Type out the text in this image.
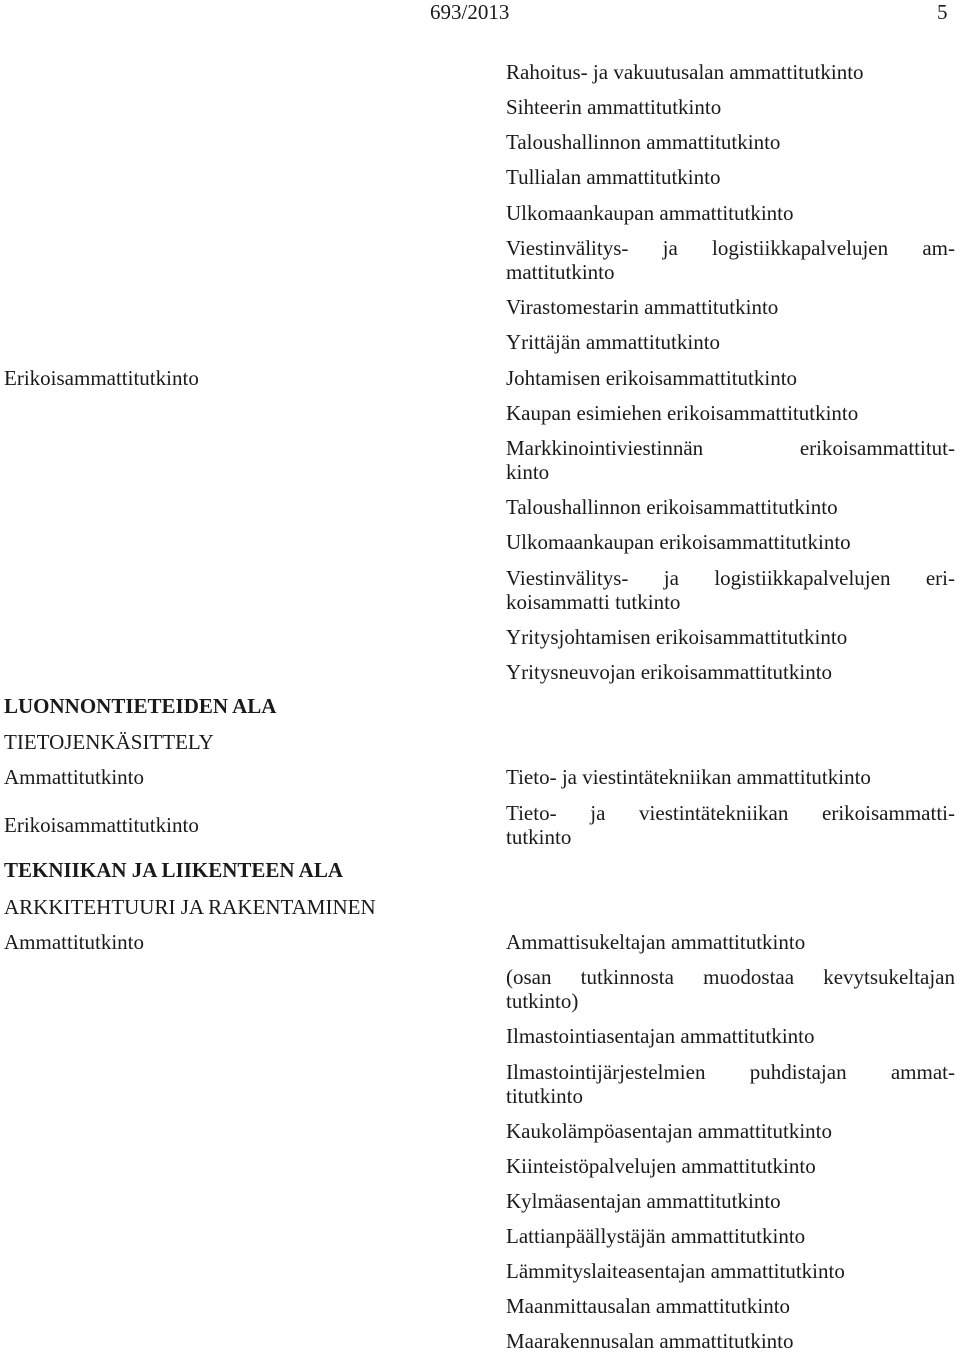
693/2013	5
Erikoisammattitutkinto
LUONNONTIETEIDEN ALA
TIETOJENKÄSITTELY
Ammattitutkinto
Erikoisammattitutkinto
TEKNIIKAN JA LIIKENTEEN ALA
ARKKITEHTUURI JA RAKENTAMINEN
Ammattitutkinto
Rahoitus- ja vakuutusalan ammattitutkinto
Sihteerin ammattitutkinto
Taloushallinnon ammattitutkinto
Tullialan ammattitutkinto
Ulkomaankaupan ammattitutkinto
Viestinvälitys- ja logistiikkapalvelujen am-
mattitutkinto
Virastomestarin ammattitutkinto
Yrittäjän ammattitutkinto
Johtamisen erikoisammattitutkinto
Kaupan esimiehen erikoisammattitutkinto
Markkinointiviestinnän erikoisammattitut-
kinto
Taloushallinnon erikoisammattitutkinto
Ulkomaankaupan erikoisammattitutkinto
Viestinvälitys- ja logistiikkapalvelujen eri-
koisammatti tutkinto
Yritysjohtamisen erikoisammattitutkinto
Yritysneuvojan erikoisammattitutkinto
Tieto- ja viestintätekniikan ammattitutkinto
Tieto- ja viestintätekniikan erikoisammatti-
tutkinto
Ammattisukeltajan ammattitutkinto
(osan tutkinnosta muodostaa kevytsukeltajan
tutkinto)
Ilmastointiasentajan ammattitutkinto
Ilmastointijärjestelmien puhdistajan ammat-
titutkinto
Kaukolämpöasentajan ammattitutkinto
Kiinteistöpalvelujen ammattitutkinto
Kylmäasentajan ammattitutkinto
Lattianpäällystäjän ammattitutkinto
Lämmityslaiteasentajan ammattitutkinto
Maanmittausalan ammattitutkinto
Maarakennusalan ammattitutkinto
